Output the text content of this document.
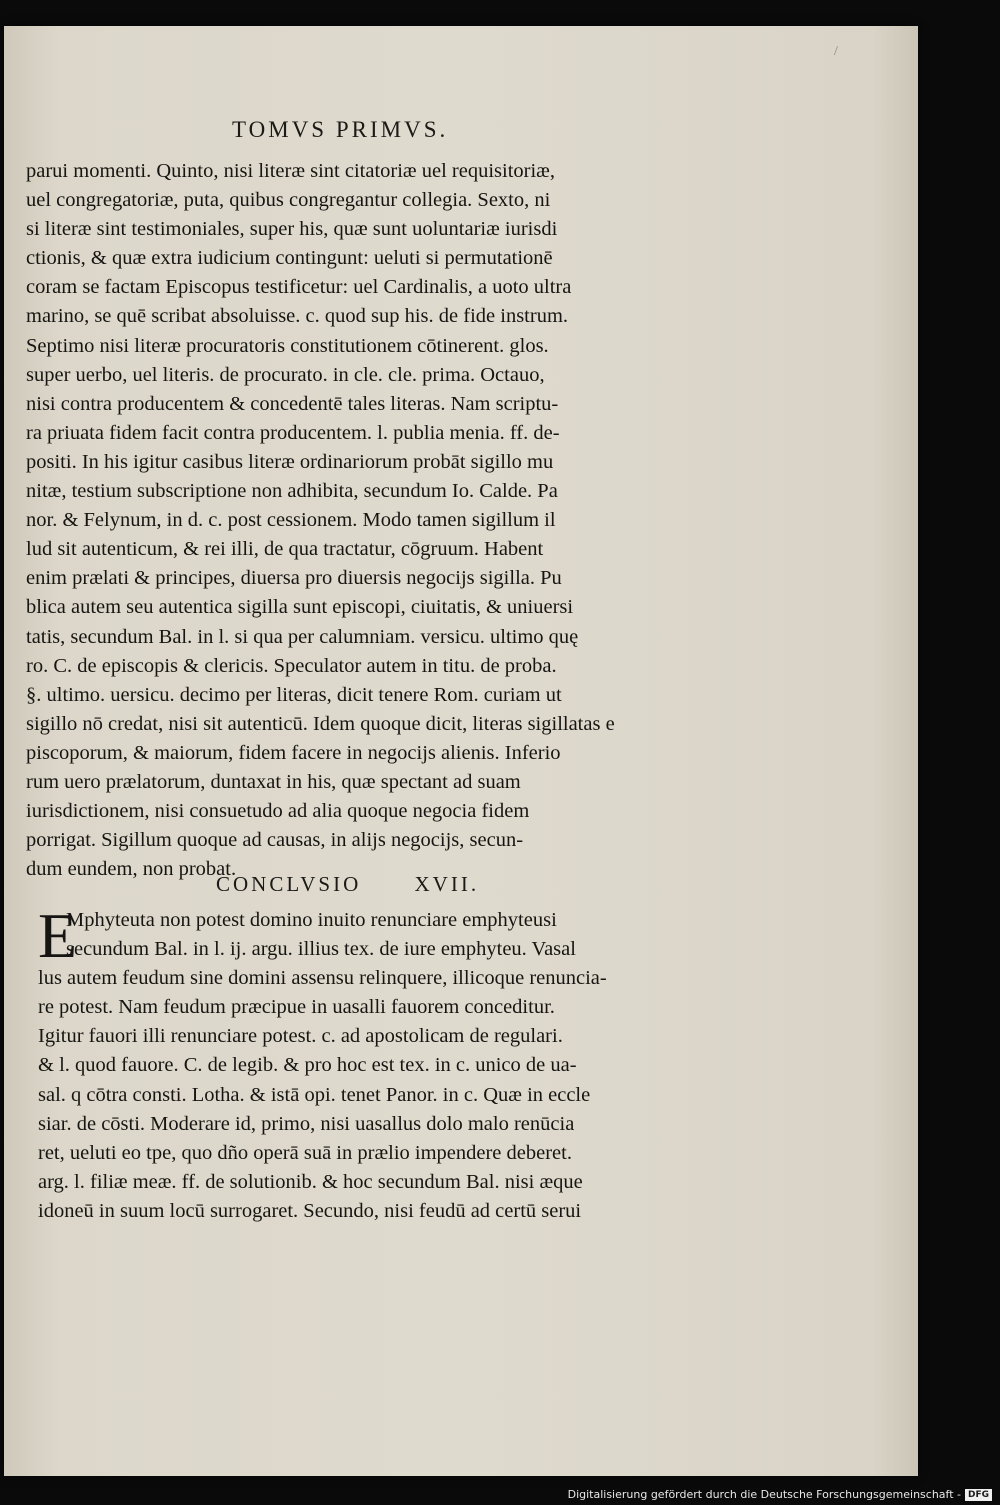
/
TOMVS PRIMVS.
parui momenti. Quinto, nisi literæ sint citatoriæ uel requisitoriæ,
uel congregatoriæ, puta, quibus congregantur collegia. Sexto, ni
si literæ sint testimoniales, super his, quæ sunt uoluntariæ iurisdi
ctionis, & quæ extra iudicium contingunt: ueluti si permutationē
coram se factam Episcopus testificetur: uel Cardinalis, a uoto ultra
marino, se quē scribat absoluisse. c. quod sup his. de fide instrum.
Septimo nisi literæ procuratoris constitutionem cōtinerent. glos.
super uerbo, uel literis. de procurato. in cle. cle. prima. Octauo,
nisi contra producentem & concedentē tales literas. Nam scriptu-
ra priuata fidem facit contra producentem. l. publia menia. ff. de-
positi. In his igitur casibus literæ ordinariorum probāt sigillo mu
nitæ, testium subscriptione non adhibita, secundum Io. Calde. Pa
nor. & Felynum, in d. c. post cessionem. Modo tamen sigillum il
lud sit autenticum, & rei illi, de qua tractatur, cōgruum. Habent
enim prælati & principes, diuersa pro diuersis negocijs sigilla. Pu
blica autem seu autentica sigilla sunt episcopi, ciuitatis, & uniuersi
tatis, secundum Bal. in l. si qua per calumniam. versicu. ultimo quę
ro. C. de episcopis & clericis. Speculator autem in titu. de proba.
§. ultimo. uersicu. decimo per literas, dicit tenere Rom. curiam ut
sigillo nō credat, nisi sit autenticū. Idem quoque dicit, literas sigillatas e
piscoporum, & maiorum, fidem facere in negocijs alienis. Inferio
rum uero prælatorum, duntaxat in his, quæ spectant ad suam
iurisdictionem, nisi consuetudo ad alia quoque negocia fidem
porrigat. Sigillum quoque ad causas, in alijs negocijs, secun-
dum eundem, non probat.
CONCLVSIO XVII.
E
Mphyteuta non potest domino inuito renunciare emphyteusi
secundum Bal. in l. ij. argu. illius tex. de iure emphyteu. Vasal
lus autem feudum sine domini assensu relinquere, illicoque renuncia-
re potest. Nam feudum præcipue in uasalli fauorem conceditur.
Igitur fauori illi renunciare potest. c. ad apostolicam de regulari.
& l. quod fauore. C. de legib. & pro hoc est tex. in c. unico de ua-
sal. q cōtra consti. Lotha. & istā opi. tenet Panor. in c. Quæ in eccle
siar. de cōsti. Moderare id, primo, nisi uasallus dolo malo renūcia
ret, ueluti eo tpe, quo dño operā suā in prælio impendere deberet.
arg. l. filiæ meæ. ff. de solutionib. & hoc secundum Bal. nisi æque
idoneū in suum locū surrogaret. Secundo, nisi feudū ad certū serui
Digitalisierung gefördert durch die Deutsche Forschungsgemeinschaft - DFG
